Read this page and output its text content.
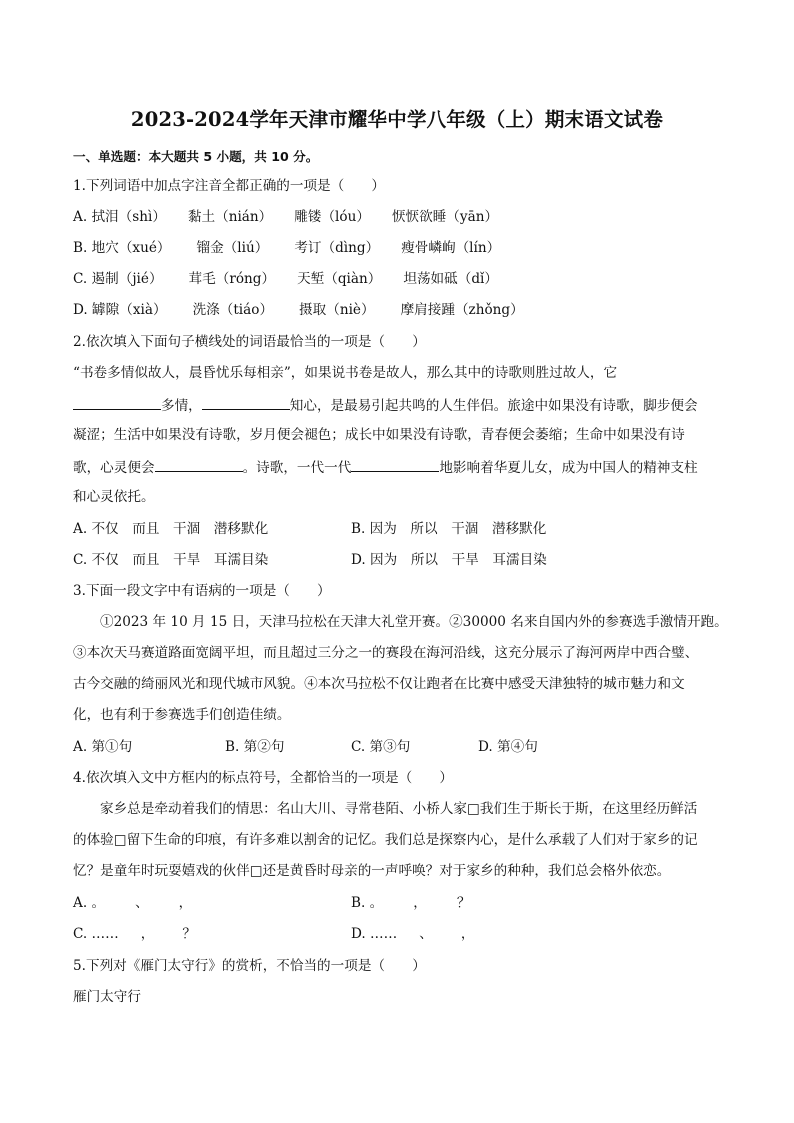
2023-2024学年天津市耀华中学八年级（上）期末语文试卷
一、单选题：本大题共 5 小题，共 10 分。
1.下列词语中加点字注音全都正确的一项是（　　）
A. 拭泪（shì） 黏土（nián） 雕镂（lóu） 恹恹欲睡（yān）
B. 地穴（xué） 镏金（liú） 考订（dìng） 瘦骨嶙峋（lín）
C. 遏制（jié） 茸毛（róng） 天堑（qiàn） 坦荡如砥（dǐ）
D. 罅隙（xià） 洗涤（tiáo） 摄取（niè） 摩肩接踵（zhǒng）
2.依次填入下面句子横线处的词语最恰当的一项是（　　）
“书卷多情似故人，晨昏忧乐每相亲”，如果说书卷是故人，那么其中的诗歌则胜过故人，它
多情，	知心，是最易引起共鸣的人生伴侣。旅途中如果没有诗歌，脚步便会
凝涩；生活中如果没有诗歌，岁月便会褪色；成长中如果没有诗歌，青春便会萎缩；生命中如果没有诗
歌，心灵便会	。诗歌，一代一代	地影响着华夏儿女，成为中国人的精神支柱
和心灵依托。
A. 不仅　而且　干涸　潜移默化	B. 因为　所以　干涸　潜移默化
C. 不仅　而且　干旱　耳濡目染	D. 因为　所以　干旱　耳濡目染
3.下面一段文字中有语病的一项是（　　）
①2023 年 10 月 15 日，天津马拉松在天津大礼堂开赛。②30000 名来自国内外的参赛选手激情开跑。
③本次天马赛道路面宽阔平坦，而且超过三分之一的赛段在海河沿线，这充分展示了海河两岸中西合璧、
古今交融的绮丽风光和现代城市风貌。④本次马拉松不仅让跑者在比赛中感受天津独特的城市魅力和文
化，也有利于参赛选手们创造佳绩。
A. 第①句	B. 第②句	C. 第③句	D. 第④句
4.依次填入文中方框内的标点符号，全都恰当的一项是（　　）
家乡总是牵动着我们的情思：名山大川、寻常巷陌、小桥人家□我们生于斯长于斯，在这里经历鲜活
的体验□留下生命的印痕，有许多难以割舍的记忆。我们总是探察内心，是什么承载了人们对于家乡的记
忆？是童年时玩耍嬉戏的伙伴□还是黄昏时母亲的一声呼唤？对于家乡的种种，我们总会格外依恋。
A. 。 、 ，	B. 。 ， ？
C. …… ， ？	D. …… 、 ，
5.下列对《雁门太守行》的赏析，不恰当的一项是（　　）
雁门太守行
